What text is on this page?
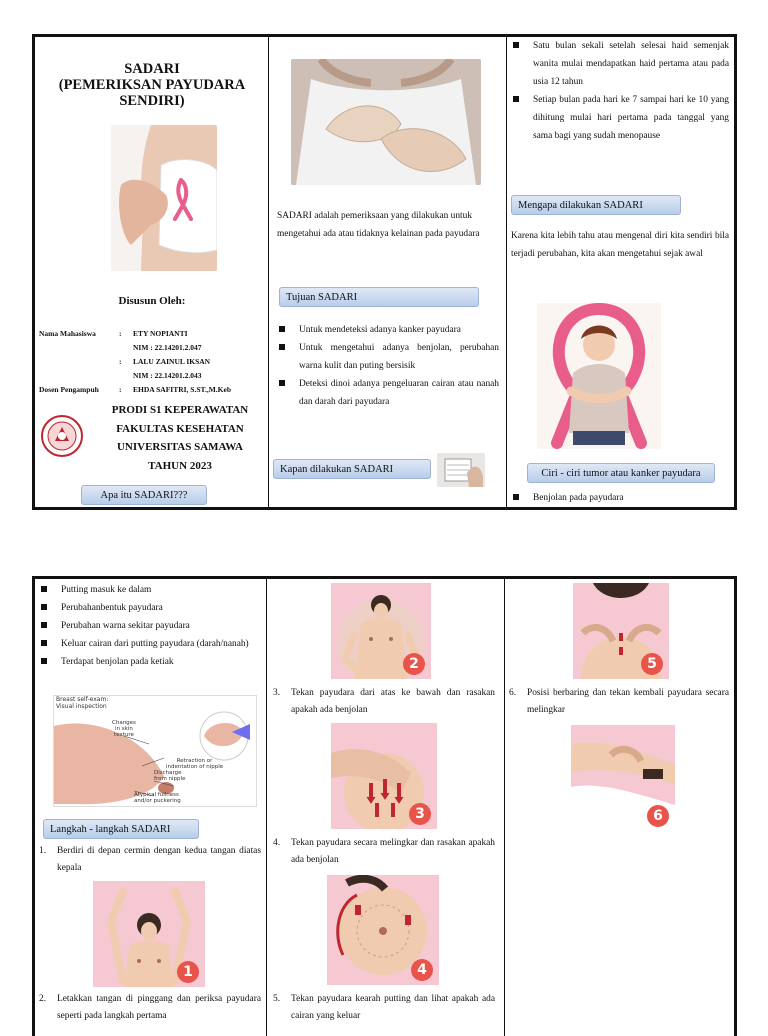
SADARI
(PEMERIKSAN PAYUDARA
SENDIRI)
Disusun Oleh:
Nama Mahasiswa	: ETY NOPIANTI
NIM : 22.14201.2.047
: LALU ZAINUL IKSAN
NIM : 22.14201.2.043
Dosen Pengampuh	: EHDA SAFITRI, S.ST.,M.Keb
PRODI S1 KEPERAWATAN
FAKULTAS KESEHATAN
UNIVERSITAS SAMAWA
TAHUN 2023
Apa itu SADARI???
SADARI adalah pemeriksaan yang dilakukan untuk mengetahui ada atau tidaknya kelainan pada payudara
Tujuan SADARI
Untuk mendeteksi adanya kanker payudara
Untuk mengetahui adanya benjolan, perubahan warna kulit dan puting bersisik
Deteksi dinoi adanya pengeluaran cairan atau nanah dan darah dari payudara
Kapan dilakukan SADARI
Satu bulan sekali setelah selesai haid semenjak wanita mulai mendapatkan haid pertama atau pada usia 12 tahun
Setiap bulan pada hari ke 7 sampai hari ke 10 yang dihitung mulai hari pertama pada tanggal yang sama bagi yang sudah menopause
Mengapa dilakukan SADARI
Karena kita lebih tahu atau mengenal diri kita sendiri bila terjadi perubahan, kita akan mengetahui sejak awal
Ciri - ciri tumor atau kanker payudara
Benjolan pada payudara
Putting masuk ke dalam
Perubahanbentuk payudara
Perubahan warna sekitar payudara
Keluar cairan dari putting payudara (darah/nanah)
Terdapat benjolan pada ketiak
Breast self-exam:
Visual inspection
Changes
in skin
texture
Retraction or
indentation of nipple
Discharge
from nipple
Atypical fullness
and/or puckering
Langkah - langkah SADARI
1. Berdiri di depan cermin dengan kedua tangan diatas kepala
1
2. Letakkan tangan di pinggang dan periksa payudara seperti pada langkah pertama
2
3. Tekan payudara dari atas ke bawah dan rasakan apakah ada benjolan
3
4. Tekan payudara secara melingkar dan rasakan apakah ada benjolan
4
5. Tekan payudara kearah putting dan lihat apakah ada cairan yang keluar
5
6. Posisi berbaring dan tekan kembali payudara secara melingkar
6
